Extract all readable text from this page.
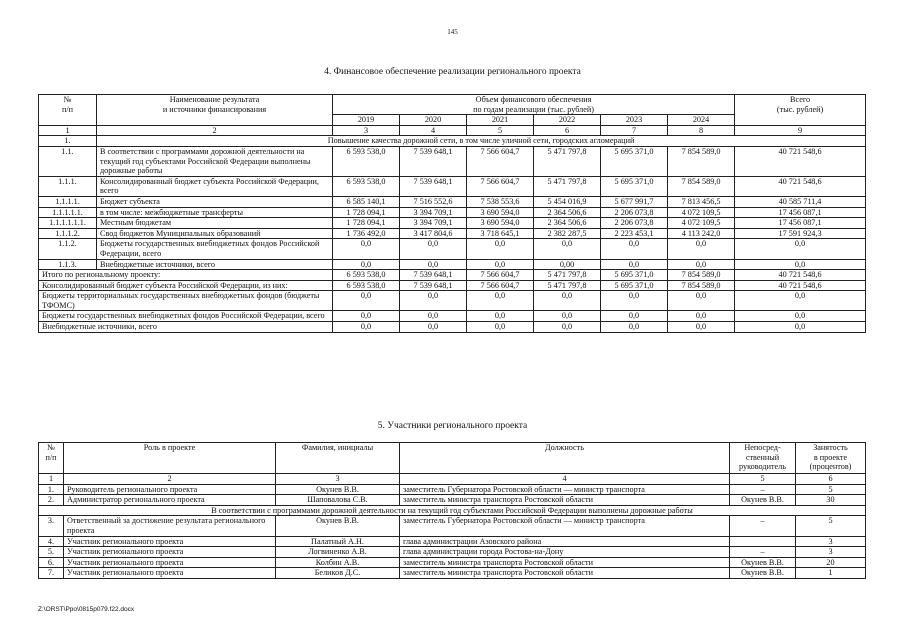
145
4. Финансовое обеспечение реализации регионального проекта
№
п/п	Наименование результата
и источники финансирования	Объем финансового обеспечения
по годам реализации (тыс. рублей)						Всего
(тыс. рублей)
		2019	2020	2021	2022	2023	2024	
1	2	3	4	5	6	7	8	9
1.	Повышение качества дорожной сети, в том числе уличной сети, городских агломераций							
1.1.	В соответствии с программами дорожной деятельности на текущий год субъектами Российской Федерации выполнены дорожные работы	6 593 538,0	7 539 648,1	7 566 604,7	5 471 797,8	5 695 371,0	7 854 589,0	40 721 548,6
1.1.1.	Консолидированный бюджет субъекта Российской Федерации, всего	6 593 538,0	7 539 648,1	7 566 604,7	5 471 797,8	5 695 371,0	7 854 589,0	40 721 548,6
1.1.1.1.	Бюджет субъекта	6 585 140,1	7 516 552,6	7 538 553,6	5 454 016,9	5 677 991,7	7 813 456,5	40 585 711,4
1.1.1.1.1.	в том числе: межбюджетные трансферты	1 728 094,1	3 394 709,1	3 690 594,0	2 364 506,6	2 206 073,8	4 072 109,5	17 456 087,1
1.1.1.1.1.1.	Местным бюджетам	1 728 094,1	3 394 709,1	3 690 594,0	2 364 506,6	2 206 073,8	4 072 109,5	17 456 087,1
1.1.1.2.	Свод бюджетов Муниципальных образований	1 736 492,0	3 417 804,6	3 718 645,1	2 382 287,5	2 223 453,1	4 113 242,0	17 591 924,3
1.1.2.	Бюджеты государственных внебюджетных фондов Российской Федерации, всего	0,0	0,0	0,0	0,0	0,0	0,0	0,0
1.1.3.	Внебюджетные источники, всего	0,0	0,0	0,0	0,00	0,0	0,0	0,0
Итого по региональному проекту:		6 593 538,0	7 539 648,1	7 566 604,7	5 471 797,8	5 695 371,0	7 854 589,0	40 721 548,6
Консолидированный бюджет субъекта Российской Федерации, из них:		6 593 538,0	7 539 648,1	7 566 604,7	5 471 797,8	5 695 371,0	7 854 589,0	40 721 548,6
Бюджеты территориальных государственных внебюджетных фондов (бюджеты ТФОМС)		0,0	0,0	0,0	0,0	0,0	0,0	0,0
Бюджеты государственных внебюджетных фондов Российской Федерации, всего		0,0	0,0	0,0	0,0	0,0	0,0	0,0
Внебюджетные источники, всего		0,0	0,0	0,0	0,0	0,0	0,0	0,0
5. Участники регионального проекта
№
п/п	Роль в проекте	Фамилия, инициалы	Должность	Непосред-
ственный
руководитель	Занятость
в проекте
(процентов)
1	2	3	4	5	6
1.	Руководитель регионального проекта	Окунев В.В.	заместитель Губернатора Ростовской области — министр транспорта	–	5
2.	Администратор регионального проекта	Шаповалова С.В.	заместитель министра транспорта Ростовской области	Окунев В.В.	30
В соответствии с программами дорожной деятельности на текущий год субъектами Российской Федерации выполнены дорожные работы					
3.	Ответственный за достижение результата регионального проекта	Окунев В.В.	заместитель Губернатора Ростовской области — министр транспорта	–	5
4.	Участник регионального проекта	Палатный А.Н.	глава администрации Азовского района		3
5.	Участник регионального проекта	Логвиненко А.В.	глава администрации города Ростова-на-Дону	–	3
6.	Участник регионального проекта	Колбин А.В.	заместитель министра транспорта Ростовской области	Окунев В.В.	20
7.	Участник регионального проекта	Беликов Д.С.	заместитель министра транспорта Ростовской области	Окунев В.В.	1
Z:\ORST\Ppo\0815p079.f22.docx
